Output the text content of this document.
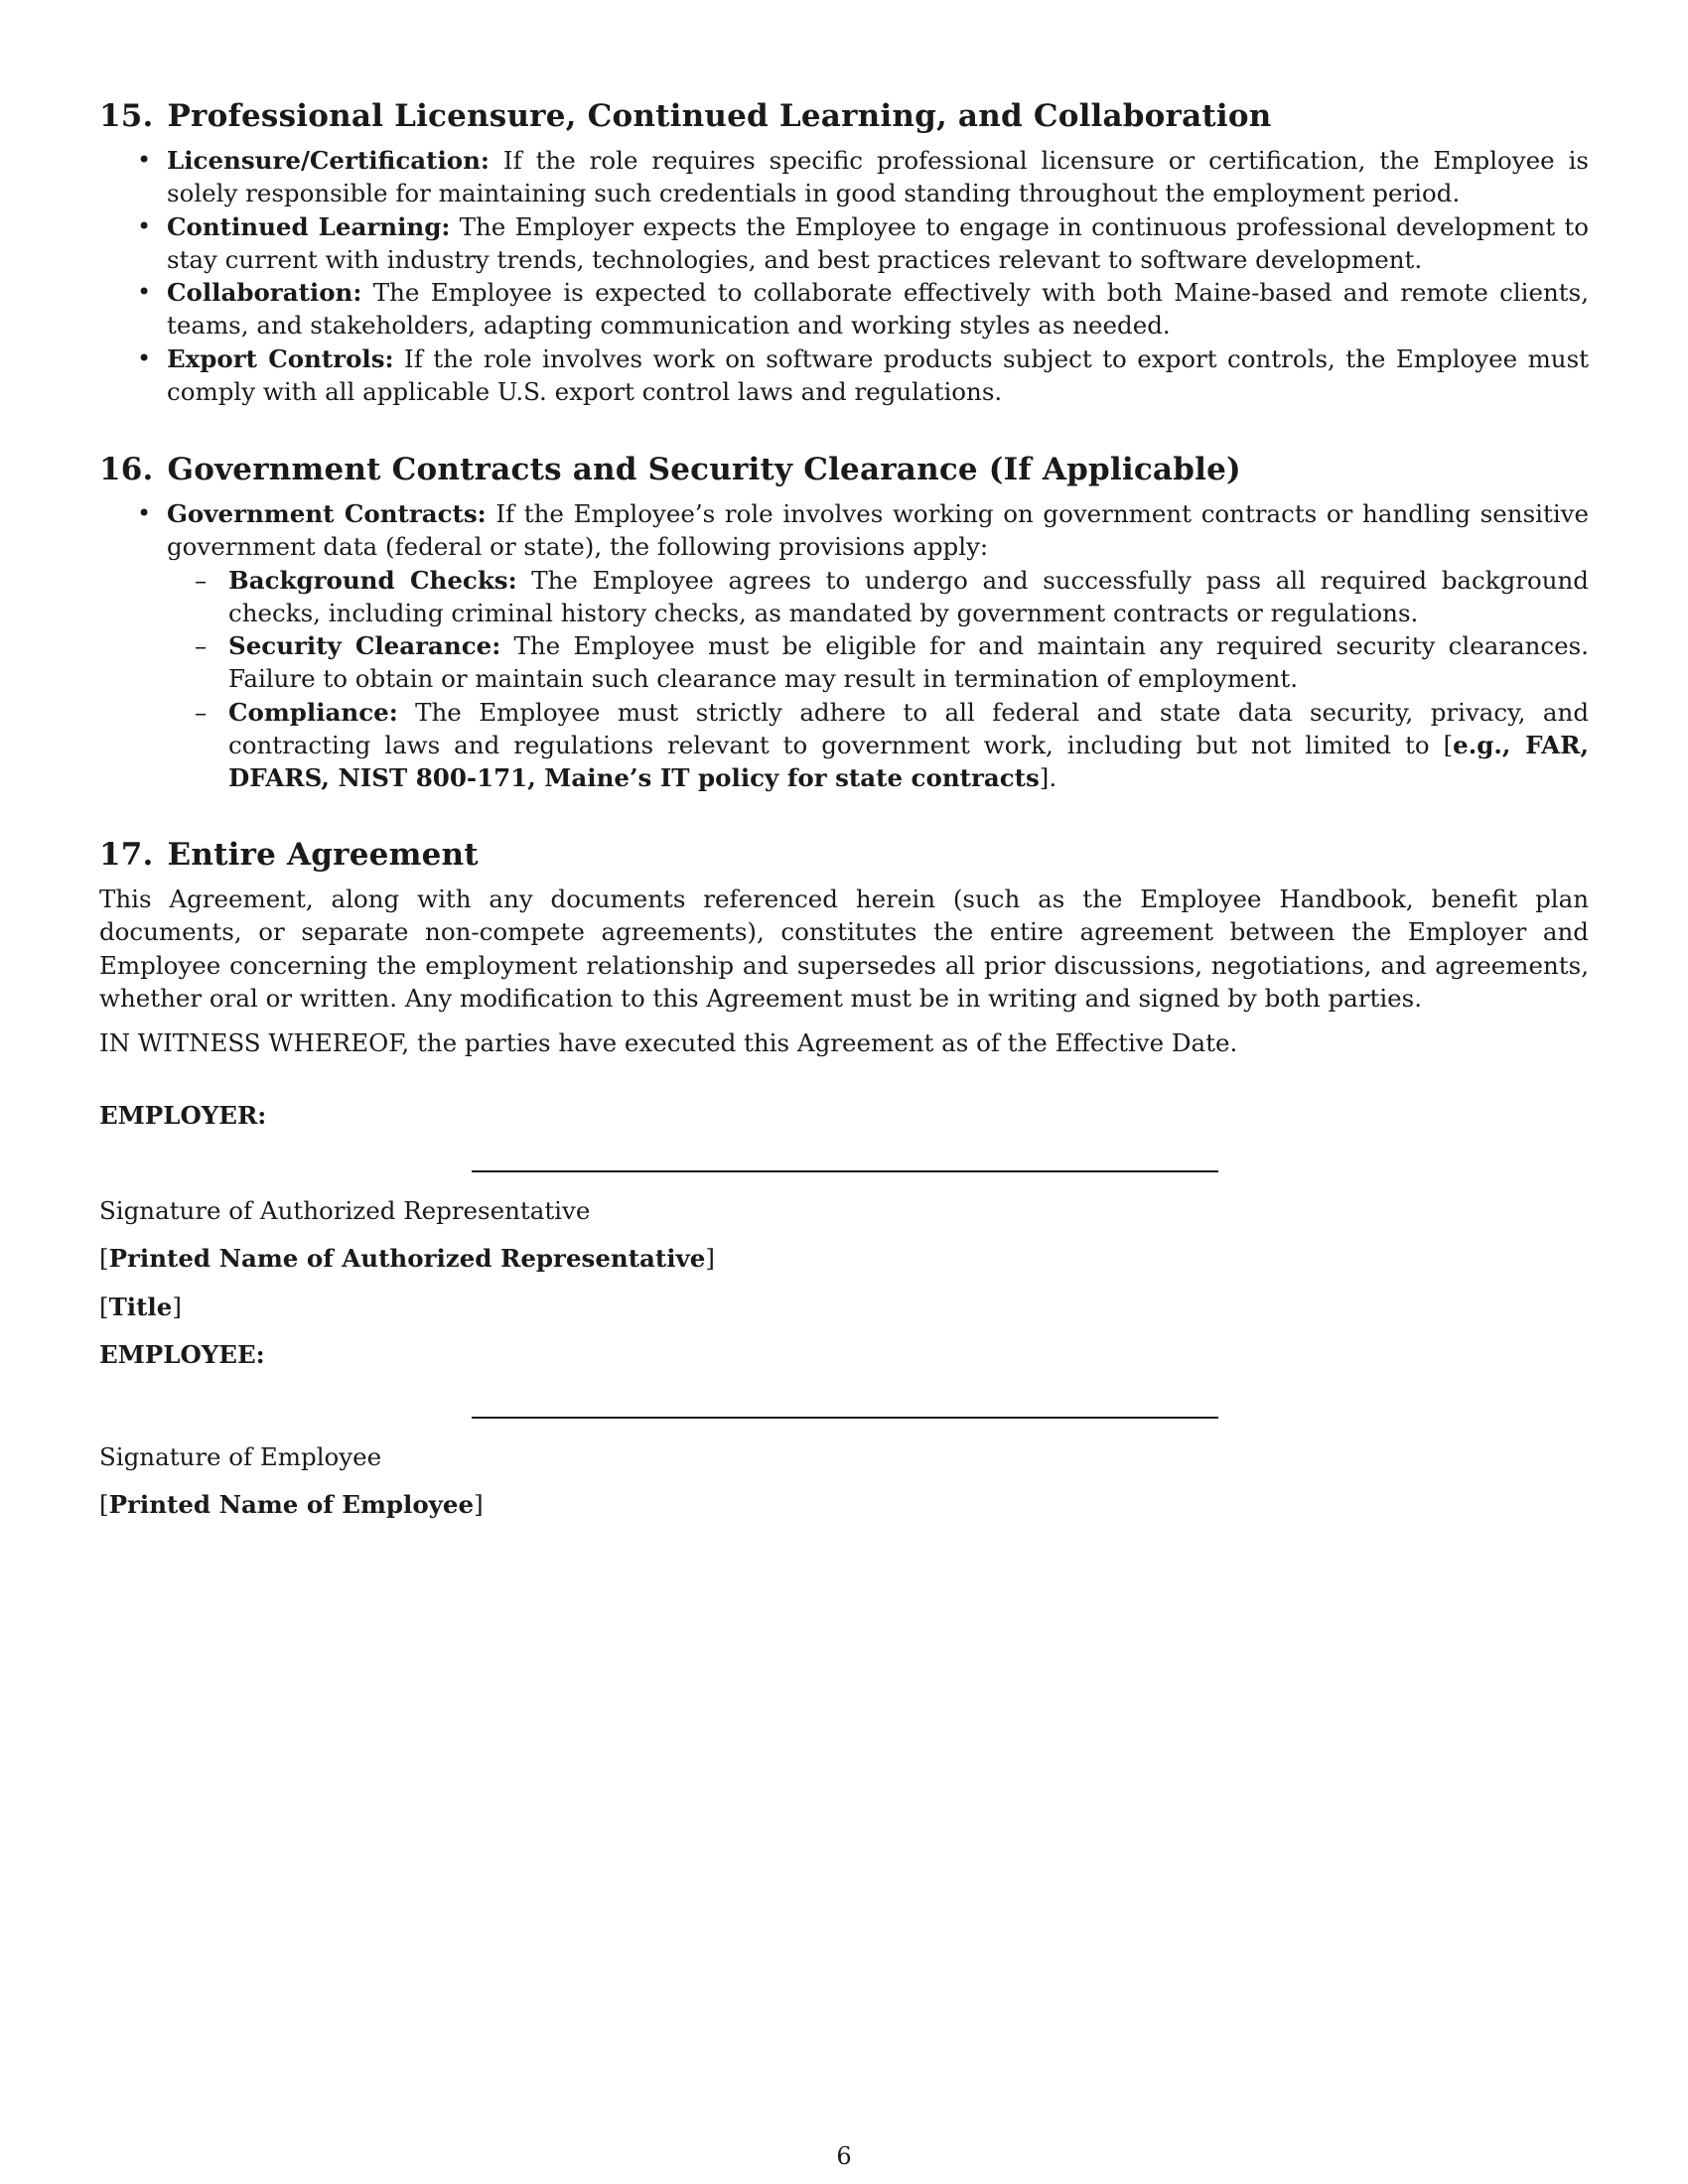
15. Professional Licensure, Continued Learning, and Collaboration
• Licensure/Certification: If the role requires specific professional licensure or certification, the Employee is solely responsible for maintaining such credentials in good standing throughout the employment period.
• Continued Learning: The Employer expects the Employee to engage in continuous professional development to stay current with industry trends, technologies, and best practices relevant to software development.
• Collaboration: The Employee is expected to collaborate effectively with both Maine-based and remote clients, teams, and stakeholders, adapting communication and working styles as needed.
• Export Controls: If the role involves work on software products subject to export controls, the Employee must comply with all applicable U.S. export control laws and regulations.
16. Government Contracts and Security Clearance (If Applicable)
• Government Contracts: If the Employee’s role involves working on government contracts or handling sensitive government data (federal or state), the following provisions apply:
– Background Checks: The Employee agrees to undergo and successfully pass all required background checks, including criminal history checks, as mandated by government contracts or regulations.
– Security Clearance: The Employee must be eligible for and maintain any required security clearances. Failure to obtain or maintain such clearance may result in termination of employment.
– Compliance: The Employee must strictly adhere to all federal and state data security, privacy, and contracting laws and regulations relevant to government work, including but not limited to [e.g., FAR, DFARS, NIST 800-171, Maine’s IT policy for state contracts].
17. Entire Agreement

This Agreement, along with any documents referenced herein (such as the Employee Handbook, benefit plan documents, or separate non-compete agreements), constitutes the entire agreement between the Employer and Employee concerning the employment relationship and supersedes all prior discussions, negotiations, and agreements, whether oral or written. Any modification to this Agreement must be in writing and signed by both parties.

IN WITNESS WHEREOF, the parties have executed this Agreement as of the Effective Date.

EMPLOYER:
Signature of Authorized Representative
[Printed Name of Authorized Representative]
[Title]
EMPLOYEE:
Signature of Employee
[Printed Name of Employee]
6
